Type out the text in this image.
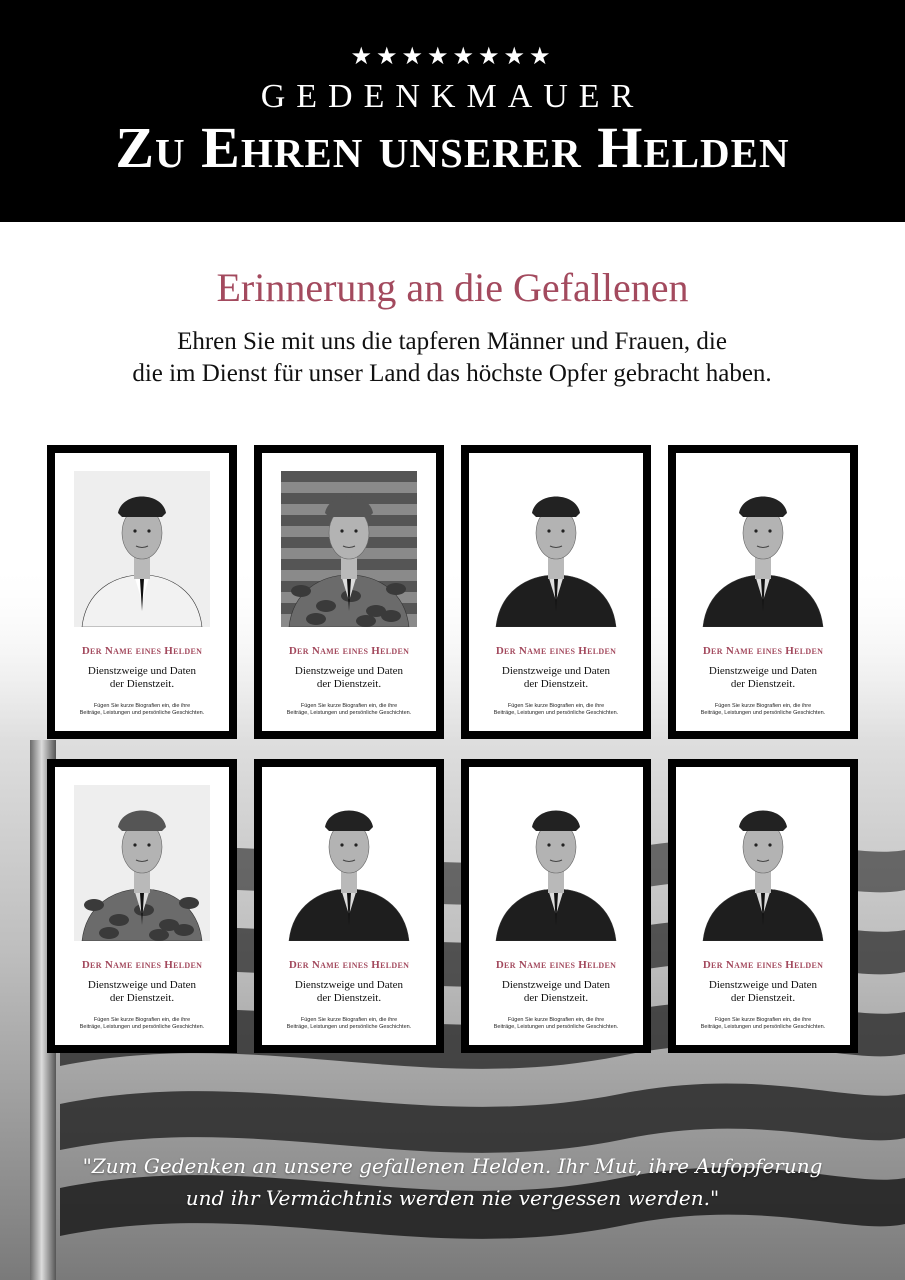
★★★★★★★★
GEDENKMAUER
Zu Ehren unserer Helden
Erinnerung an die Gefallenen
Ehren Sie mit uns die tapferen Männer und Frauen, die
die im Dienst für unser Land das höchste Opfer gebracht haben.
Der Name eines Helden
Dienstzweige und Daten
der Dienstzeit.
Fügen Sie kurze Biografien ein, die ihre
Beiträge, Leistungen und persönliche Geschichten.
Der Name eines Helden
Dienstzweige und Daten
der Dienstzeit.
Fügen Sie kurze Biografien ein, die ihre
Beiträge, Leistungen und persönliche Geschichten.
Der Name eines Helden
Dienstzweige und Daten
der Dienstzeit.
Fügen Sie kurze Biografien ein, die ihre
Beiträge, Leistungen und persönliche Geschichten.
Der Name eines Helden
Dienstzweige und Daten
der Dienstzeit.
Fügen Sie kurze Biografien ein, die ihre
Beiträge, Leistungen und persönliche Geschichten.
Der Name eines Helden
Dienstzweige und Daten
der Dienstzeit.
Fügen Sie kurze Biografien ein, die ihre
Beiträge, Leistungen und persönliche Geschichten.
Der Name eines Helden
Dienstzweige und Daten
der Dienstzeit.
Fügen Sie kurze Biografien ein, die ihre
Beiträge, Leistungen und persönliche Geschichten.
Der Name eines Helden
Dienstzweige und Daten
der Dienstzeit.
Fügen Sie kurze Biografien ein, die ihre
Beiträge, Leistungen und persönliche Geschichten.
Der Name eines Helden
Dienstzweige und Daten
der Dienstzeit.
Fügen Sie kurze Biografien ein, die ihre
Beiträge, Leistungen und persönliche Geschichten.
"Zum Gedenken an unsere gefallenen Helden. Ihr Mut, ihre Aufopferung
und ihr Vermächtnis werden nie vergessen werden."
